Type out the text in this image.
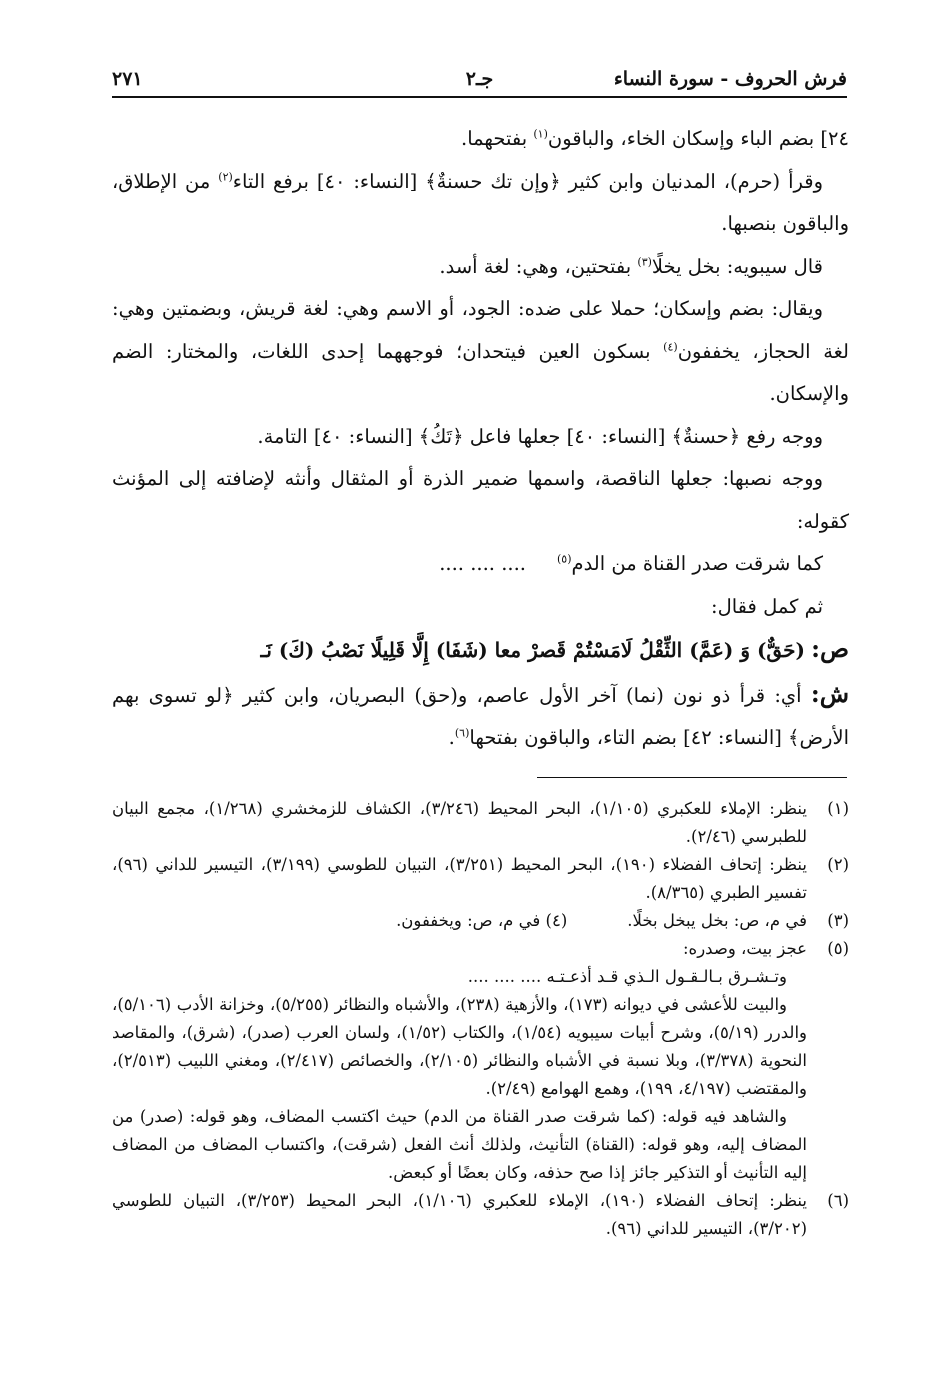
فرش الحروف - سورة النساء
جـ٢
٢٧١

٢٤] بضم الباء وإسكان الخاء، والباقون$^{(١)}$ بفتحهما.

وقرأ (حرم)، المدنيان وابن كثير ﴿وإن تك حسنةٌ﴾ [النساء: ٤٠] برفع التاء$^{(٢)}$ من الإطلاق، والباقون بنصبها.

قال سيبويه: بخل يخلًا$^{(٣)}$ بفتحتين، وهي: لغة أسد.

ويقال: بضم وإسكان؛ حملا على ضده: الجود، أو الاسم وهي: لغة قريش، وبضمتين وهي: لغة الحجاز، يخففون$^{(٤)}$ بسكون العين فيتحدان؛ فوجههما إحدى اللغات، والمختار: الضم والإسكان.

ووجه رفع ﴿حسنةٌ﴾ [النساء: ٤٠] جعلها فاعل ﴿تَكُ﴾ [النساء: ٤٠] التامة.

ووجه نصبها: جعلها الناقصة، واسمها ضمير الذرة أو المثقال وأنثه لإضافته إلى المؤنث كقوله:

كما شرقت صدر القناة من الدم$^{(٥)}$     .... .... ....

ثم كمل فقال:

ص: (حَقٌّ) وَ (عَمَّ) الثِّقْلُ لَامَسْتُمْ قَصرْ معا (شَفَا) إِلَّا قَلِيلًا نَصْبُ (كَ) نَـ

ش: أي: قرأ ذو نون (نما) آخر الأول عاصم، و(حق) البصريان، وابن كثير ﴿لو تسوى بهم الأرض﴾ [النساء: ٤٢] بضم التاء، والباقون بفتحها$^{(٦)}$.

(١)
ينظر: الإملاء للعكبري (١/١٠٥)، البحر المحيط (٣/٢٤٦)، الكشاف للزمخشري (١/٢٦٨)، مجمع البيان للطبرسي (٢/٤٦).
(٢)
ينظر: إتحاف الفضلاء (١٩٠)، البحر المحيط (٣/٢٥١)، التبيان للطوسي (٣/١٩٩)، التيسير للداني (٩٦)، تفسير الطبري (٨/٣٦٥).
(٣)
في م، ص: بخل يبخل بخلًا.
(٤)

في م، ص: ويخففون.
(٥)

عجز بيت، وصدره:

وتـشـرق بـالـقـول الـذي قـد أذعـتـه .... .... ....

والبيت للأعشى في ديوانه (١٧٣)، والأزهية (٢٣٨)، والأشباه والنظائر (٥/٢٥٥)، وخزانة الأدب (٥/١٠٦)، والدرر (٥/١٩)، وشرح أبيات سيبويه (١/٥٤)، والكتاب (١/٥٢)، ولسان العرب (صدر)، (شرق)، والمقاصد النحوية (٣/٣٧٨)، وبلا نسبة في الأشباه والنظائر (٢/١٠٥)، والخصائص (٢/٤١٧)، ومغني اللبيب (٢/٥١٣)، والمقتضب (٤/١٩٧، ١٩٩)، وهمع الهوامع (٢/٤٩).

والشاهد فيه قوله: (كما شرقت صدر القناة من الدم) حيث اكتسب المضاف، وهو قوله: (صدر) من المضاف إليه، وهو قوله: (القناة) التأنيث، ولذلك أنث الفعل (شرقت)، واكتساب المضاف من المضاف إليه التأنيث أو التذكير جائز إذا صح حذفه، وكان بعضًا أو كبعض.

(٦)
ينظر: إتحاف الفضلاء (١٩٠)، الإملاء للعكبري (١/١٠٦)، البحر المحيط (٣/٢٥٣)، التبيان للطوسي (٣/٢٠٢)، التيسير للداني (٩٦).
